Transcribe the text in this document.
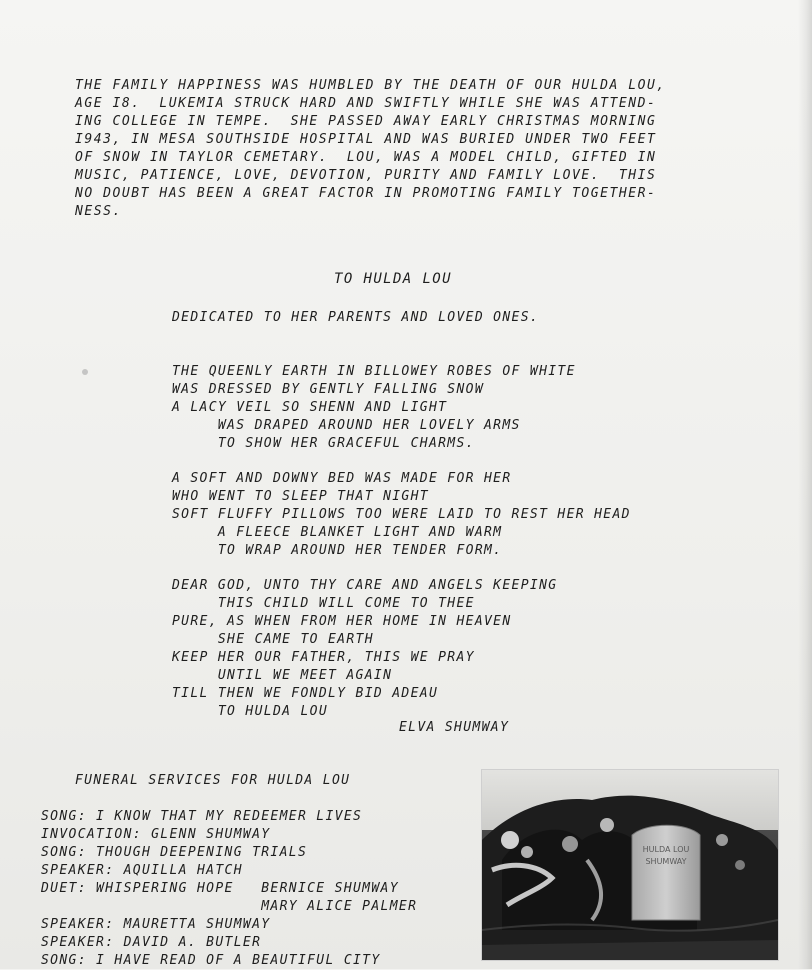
THE FAMILY HAPPINESS WAS HUMBLED BY THE DEATH OF OUR HULDA LOU,
AGE I8.  LUKEMIA STRUCK HARD AND SWIFTLY WHILE SHE WAS ATTEND-
ING COLLEGE IN TEMPE.  SHE PASSED AWAY EARLY CHRISTMAS MORNING
I943, IN MESA SOUTHSIDE HOSPITAL AND WAS BURIED UNDER TWO FEET
OF SNOW IN TAYLOR CEMETARY.  LOU, WAS A MODEL CHILD, GIFTED IN
MUSIC, PATIENCE, LOVE, DEVOTION, PURITY AND FAMILY LOVE.  THIS
NO DOUBT HAS BEEN A GREAT FACTOR IN PROMOTING FAMILY TOGETHER-
NESS.
TO HULDA LOU
DEDICATED TO HER PARENTS AND LOVED ONES.
THE QUEENLY EARTH IN BILLOWEY ROBES OF WHITE
WAS DRESSED BY GENTLY FALLING SNOW
A LACY VEIL SO SHENN AND LIGHT
WAS DRAPED AROUND HER LOVELY ARMS
TO SHOW HER GRACEFUL CHARMS.
A SOFT AND DOWNY BED WAS MADE FOR HER
WHO WENT TO SLEEP THAT NIGHT
SOFT FLUFFY PILLOWS TOO WERE LAID TO REST HER HEAD
A FLEECE BLANKET LIGHT AND WARM
TO WRAP AROUND HER TENDER FORM.
DEAR GOD, UNTO THY CARE AND ANGELS KEEPING
THIS CHILD WILL COME TO THEE
PURE, AS WHEN FROM HER HOME IN HEAVEN
SHE CAME TO EARTH
KEEP HER OUR FATHER, THIS WE PRAY
UNTIL WE MEET AGAIN
TILL THEN WE FONDLY BID ADEAU
TO HULDA LOU
ELVA SHUMWAY
FUNERAL SERVICES FOR HULDA LOU
SONG: I KNOW THAT MY REDEEMER LIVES
INVOCATION: GLENN SHUMWAY
SONG: THOUGH DEEPENING TRIALS
SPEAKER: AQUILLA HATCH
DUET: WHISPERING HOPE   BERNICE SHUMWAY
MARY ALICE PALMER
SPEAKER: MAURETTA SHUMWAY
SPEAKER: DAVID A. BUTLER
SONG: I HAVE READ OF A BEAUTIFUL CITY
HULDA LOU
SHUMWAY
